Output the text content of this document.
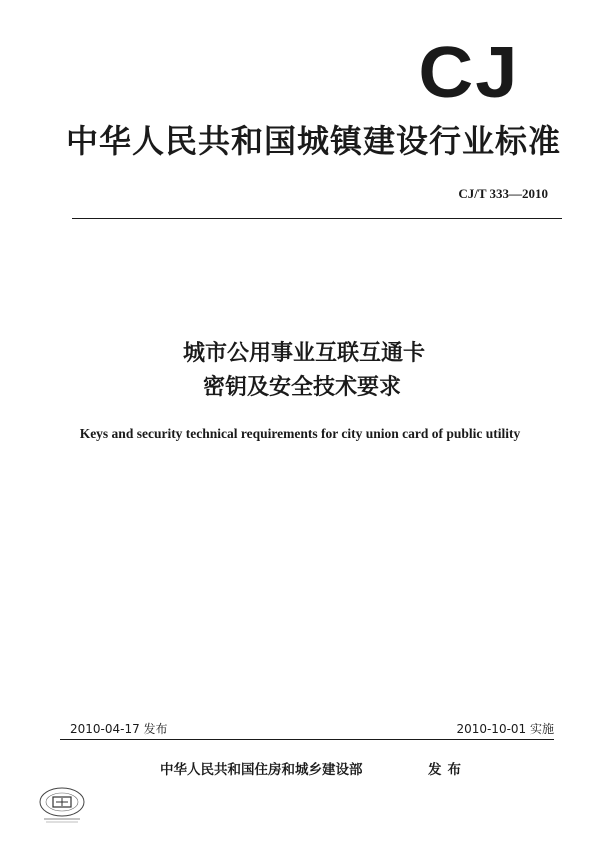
CJ
中华人民共和国城镇建设行业标准
CJ/T 333—2010
城市公用事业互联互通卡
密钥及安全技术要求
Keys and security technical requirements for city union card of public utility
2010-04-17 发布	2010-10-01 实施
中华人民共和国住房和城乡建设部	发布
